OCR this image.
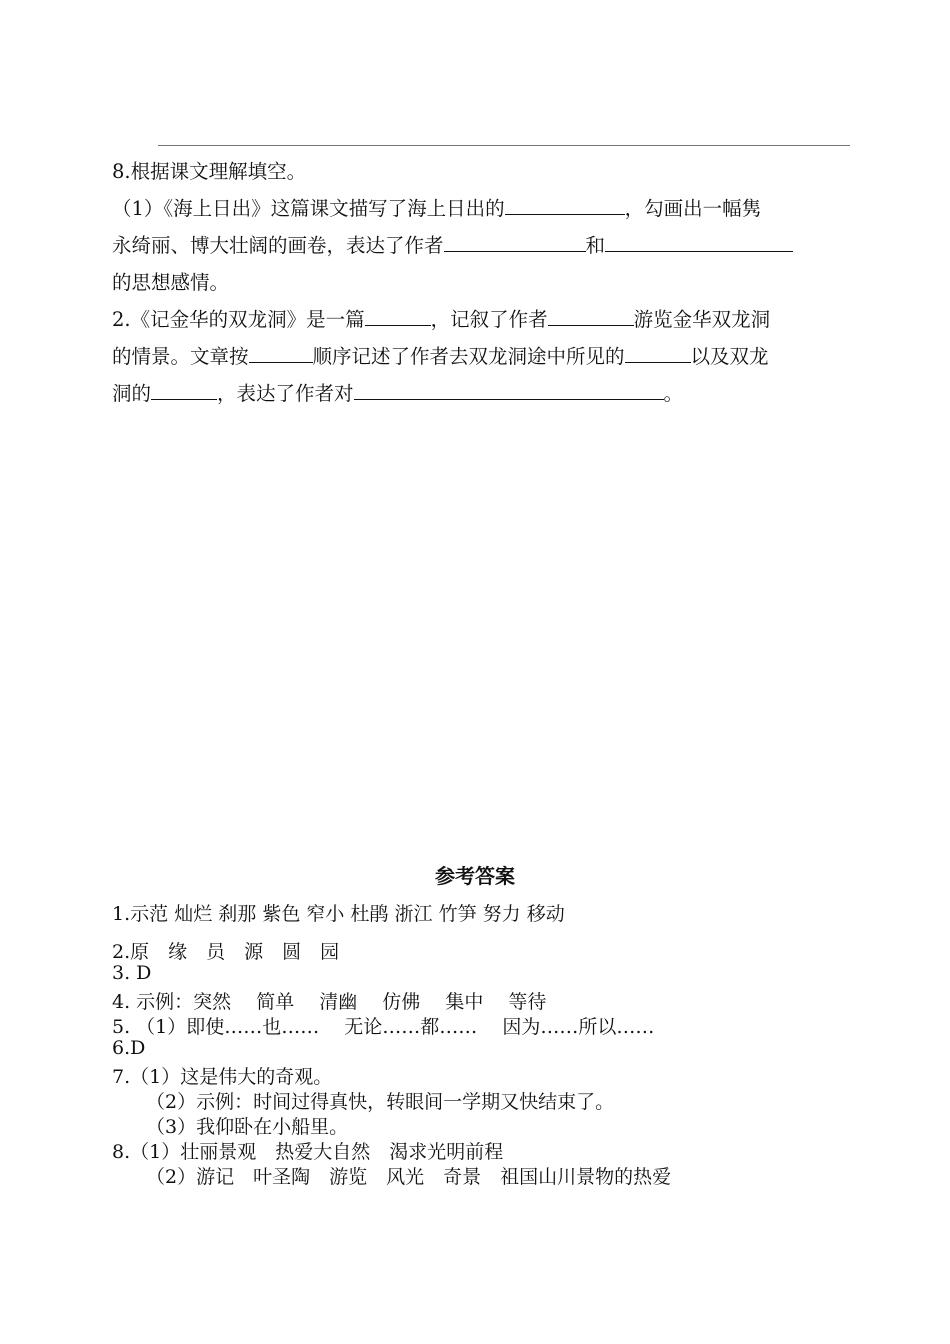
8.根据课文理解填空。
（1）《海上日出》这篇课文描写了海上日出的	，勾画出一幅隽
永绮丽、博大壮阔的画卷，表达了作者	和
的思想感情。
2.《记金华的双龙洞》是一篇	，记叙了作者	游览金华双龙洞
的情景。文章按	顺序记述了作者去双龙洞途中所见的	以及双龙
洞的	，表达了作者对	。
参考答案
1.示范 灿烂 刹那 紫色 窄小 杜鹃 浙江 竹笋 努力 移动
2.原　缘　员　源　圆　园
3. D
4. 示例：突然　 简单　 清幽　 仿佛　 集中　 等待
5. （1）即使……也……　 无论……都……　 因为……所以……
6.D
7.（1）这是伟大的奇观。
（2）示例：时间过得真快，转眼间一学期又快结束了。
（3）我仰卧在小船里。
8.（1）壮丽景观　热爱大自然　渴求光明前程
（2）游记　叶圣陶　游览　风光　奇景　祖国山川景物的热爱
